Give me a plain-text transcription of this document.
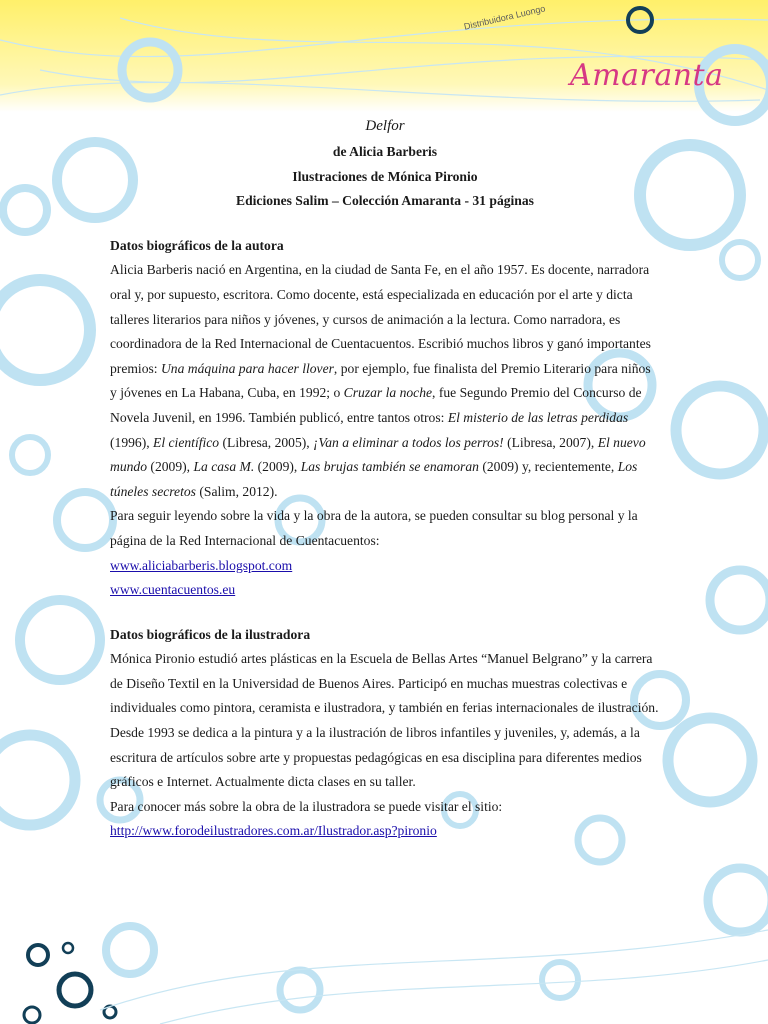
Distribuidora Luongo
Amaranta

Delfor

de Alicia Barberis

Ilustraciones de Mónica Pironio

Ediciones Salim – Colección Amaranta - 31 páginas

Datos biográficos de la autora

Alicia Barberis nació en Argentina, en la ciudad de Santa Fe, en el año 1957. Es docente, narradora oral y, por supuesto, escritora. Como docente, está especializada en educación por el arte y dicta talleres literarios para niños y jóvenes, y cursos de animación a la lectura. Como narradora, es coordinadora de la Red Internacional de Cuentacuentos. Escribió muchos libros y ganó importantes premios: Una máquina para hacer llover, por ejemplo, fue finalista del Premio Literario para niños y jóvenes en La Habana, Cuba, en 1992; o Cruzar la noche, fue Segundo Premio del Concurso de Novela Juvenil, en 1996. También publicó, entre tantos otros: El misterio de las letras perdidas (1996), El científico (Libresa, 2005), ¡Van a eliminar a todos los perros! (Libresa, 2007), El nuevo mundo (2009), La casa M. (2009), Las brujas también se enamoran (2009) y, recientemente, Los túneles secretos (Salim, 2012).

Para seguir leyendo sobre la vida y la obra de la autora, se pueden consultar su blog personal y la página de la Red Internacional de Cuentacuentos:

www.aliciabarberis.blogspot.com

www.cuentacuentos.eu

Datos biográficos de la ilustradora

Mónica Pironio estudió artes plásticas en la Escuela de Bellas Artes “Manuel Belgrano” y la carrera de Diseño Textil en la Universidad de Buenos Aires. Participó en muchas muestras colectivas e individuales como pintora, ceramista e ilustradora, y también en ferias internacionales de ilustración. Desde 1993 se dedica a la pintura y a la ilustración de libros infantiles y juveniles, y, además, a la escritura de artículos sobre arte y propuestas pedagógicas en esa disciplina para diferentes medios gráficos e Internet. Actualmente dicta clases en su taller.

Para conocer más sobre la obra de la ilustradora se puede visitar el sitio:

http://www.forodeilustradores.com.ar/Ilustrador.asp?pironio
